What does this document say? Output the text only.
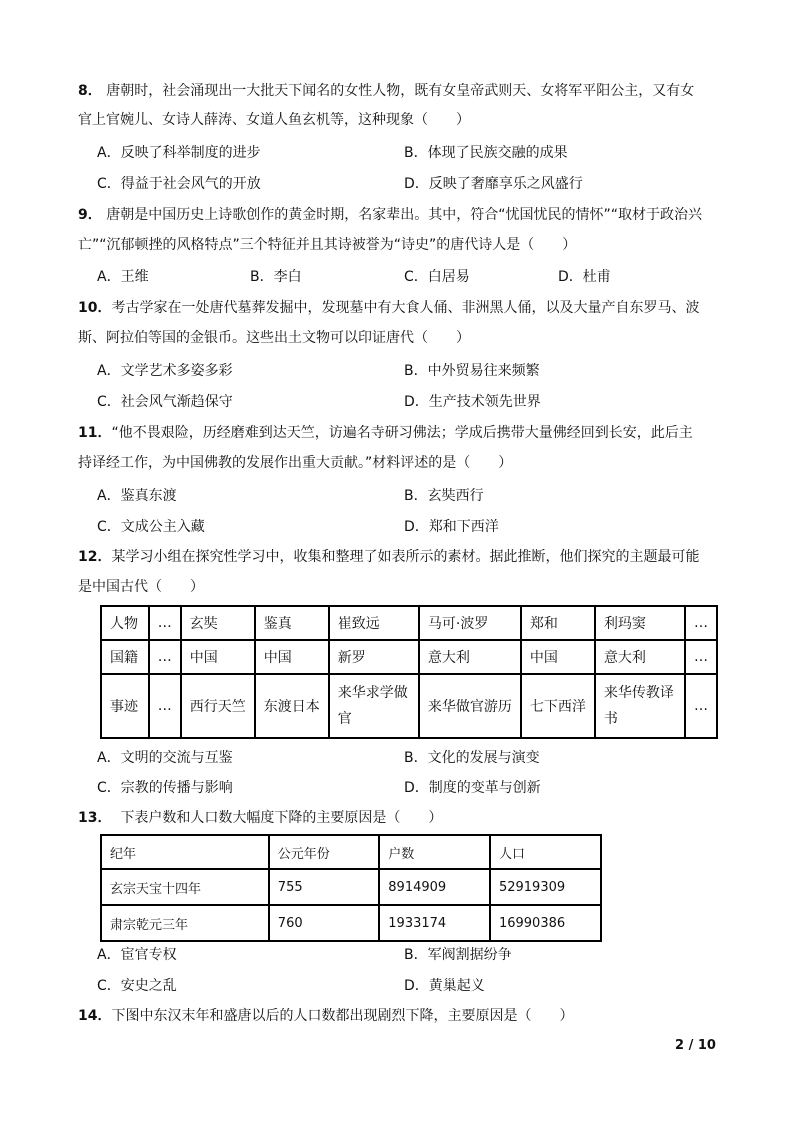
8． 唐朝时，社会涌现出一大批天下闻名的女性人物，既有女皇帝武则天、女将军平阳公主，又有女
官上官婉儿、女诗人薛涛、女道人鱼玄机等，这种现象（　　）
A．反映了科举制度的进步	B．体现了民族交融的成果
C．得益于社会风气的开放	D．反映了奢靡享乐之风盛行
9． 唐朝是中国历史上诗歌创作的黄金时期，名家辈出。其中，符合“忧国忧民的情怀”“取材于政治兴
亡”“沉郁顿挫的风格特点”三个特征并且其诗被誉为“诗史”的唐代诗人是（　　）
A．王维	B．李白	C．白居易	D．杜甫
10．考古学家在一处唐代墓葬发掘中，发现墓中有大食人俑、非洲黑人俑，以及大量产自东罗马、波
斯、阿拉伯等国的金银币。这些出土文物可以印证唐代（　　）
A．文学艺术多姿多彩	B．中外贸易往来频繁
C．社会风气渐趋保守	D．生产技术领先世界
11．“他不畏艰险，历经磨难到达天竺，访遍名寺研习佛法；学成后携带大量佛经回到长安，此后主
持译经工作，为中国佛教的发展作出重大贡献。”材料评述的是（　　）
A．鉴真东渡	B．玄奘西行
C．文成公主入藏	D．郑和下西洋
12．某学习小组在探究性学习中，收集和整理了如表所示的素材。据此推断，他们探究的主题最可能
是中国古代（　　）
人物	…	玄奘	鉴真	崔致远	马可·波罗	郑和	利玛窦	…
国籍	…	中国	中国	新罗	意大利	中国	意大利	…
事迹	…	西行天竺	东渡日本	来华求学做官	来华做官游历	七下西洋	来华传教译书	…
A．文明的交流与互鉴	B．文化的发展与演变
C．宗教的传播与影响	D．制度的变革与创新
13． 下表户数和人口数大幅度下降的主要原因是（　　）
纪年	公元年份	户数	人口
玄宗天宝十四年	755	8914909	52919309
肃宗乾元三年	760	1933174	16990386
A．宦官专权	B．军阀割据纷争
C．安史之乱	D．黄巢起义
14．下图中东汉末年和盛唐以后的人口数都出现剧烈下降，主要原因是（　　）
2 / 10
